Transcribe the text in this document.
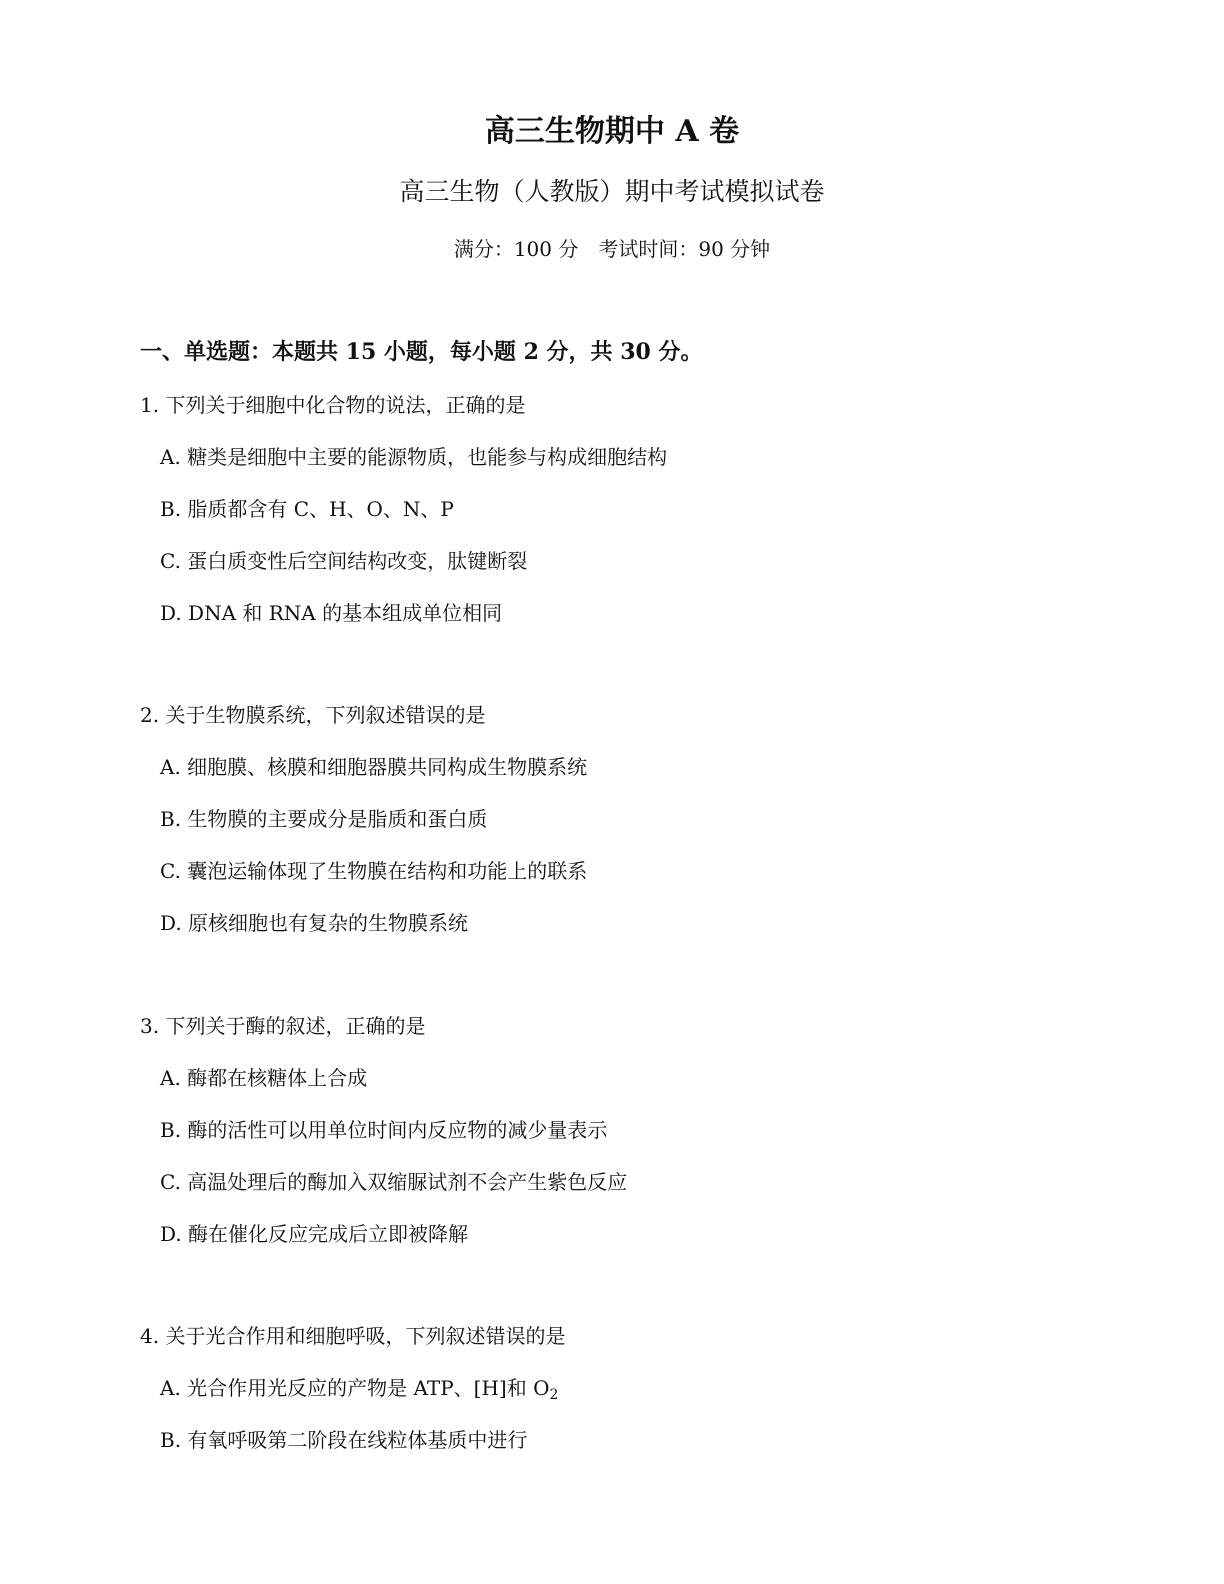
高三生物期中 A 卷
高三生物（人教版）期中考试模拟试卷
满分：100 分　考试时间：90 分钟
一、单选题：本题共 15 小题，每小题 2 分，共 30 分。
1. 下列关于细胞中化合物的说法，正确的是
A. 糖类是细胞中主要的能源物质，也能参与构成细胞结构
B. 脂质都含有 C、H、O、N、P
C. 蛋白质变性后空间结构改变，肽键断裂
D. DNA 和 RNA 的基本组成单位相同
2. 关于生物膜系统，下列叙述错误的是
A. 细胞膜、核膜和细胞器膜共同构成生物膜系统
B. 生物膜的主要成分是脂质和蛋白质
C. 囊泡运输体现了生物膜在结构和功能上的联系
D. 原核细胞也有复杂的生物膜系统
3. 下列关于酶的叙述，正确的是
A. 酶都在核糖体上合成
B. 酶的活性可以用单位时间内反应物的减少量表示
C. 高温处理后的酶加入双缩脲试剂不会产生紫色反应
D. 酶在催化反应完成后立即被降解
4. 关于光合作用和细胞呼吸，下列叙述错误的是
A. 光合作用光反应的产物是 ATP、[H]和 $O_2$
B. 有氧呼吸第二阶段在线粒体基质中进行
